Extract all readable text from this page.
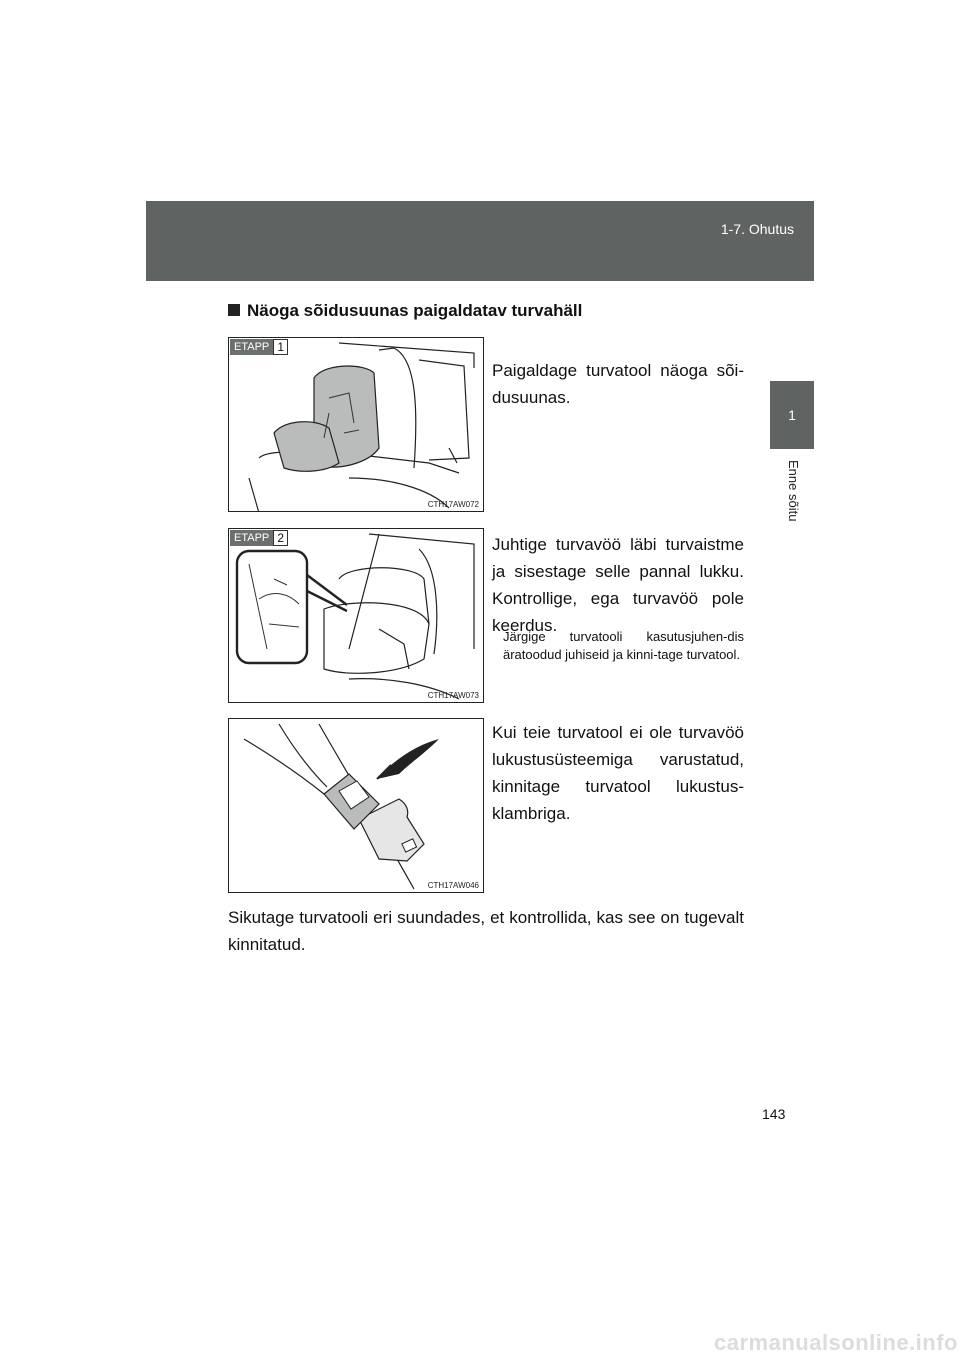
1-7. Ohutus
1
Enne sõitu
Näoga sõidusuunas paigaldatav turvahäll
ETAPP 1
CTH17AW072
ETAPP 2
CTH17AW073
CTH17AW046
Paigaldage turvatool näoga sõi-dusuunas.
Juhtige turvavöö läbi turvaistme ja sisestage selle pannal lukku. Kontrollige, ega turvavöö pole keerdus.
Järgige turvatooli kasutusjuhen-dis äratoodud juhiseid ja kinni-tage turvatool.
Kui teie turvatool ei ole turvavöö lukustusüsteemiga varustatud, kinnitage turvatool lukustus-klambriga.
Sikutage turvatooli eri suundades, et kontrollida, kas see on tugevalt kinnitatud.
143
carmanualsonline.info
